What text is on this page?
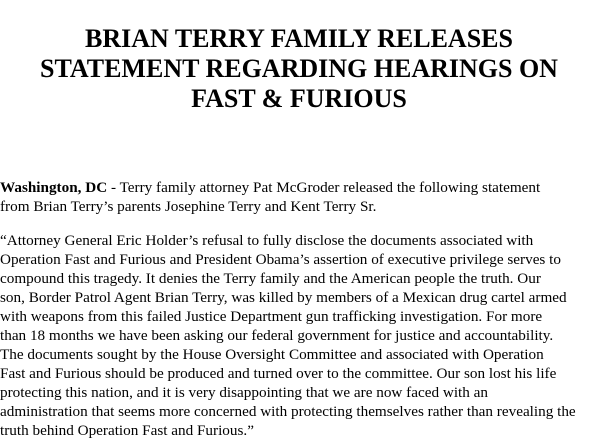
BRIAN TERRY FAMILY RELEASES
STATEMENT REGARDING HEARINGS ON
FAST & FURIOUS

Washington, DC - Terry family attorney Pat McGroder released the following statement
from Brian Terry’s parents Josephine Terry and Kent Terry Sr.

“Attorney General Eric Holder’s refusal to fully disclose the documents associated with
Operation Fast and Furious and President Obama’s assertion of executive privilege serves to
compound this tragedy. It denies the Terry family and the American people the truth. Our
son, Border Patrol Agent Brian Terry, was killed by members of a Mexican drug cartel armed
with weapons from this failed Justice Department gun trafficking investigation. For more
than 18 months we have been asking our federal government for justice and accountability.
The documents sought by the House Oversight Committee and associated with Operation
Fast and Furious should be produced and turned over to the committee. Our son lost his life
protecting this nation, and it is very disappointing that we are now faced with an
administration that seems more concerned with protecting themselves rather than revealing the
truth behind Operation Fast and Furious.”
